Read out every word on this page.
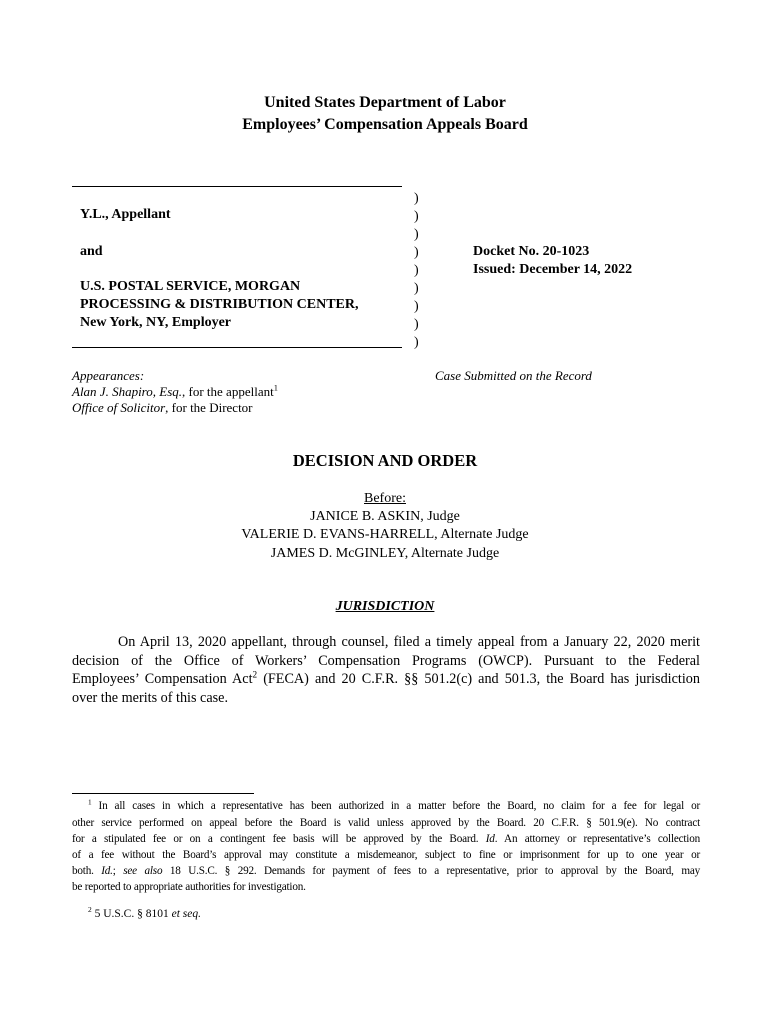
United States Department of Labor
Employees’ Compensation Appeals Board
)
)
)
)
)
)
)
)
)
Y.L., Appellant
and
U.S. POSTAL SERVICE, MORGAN
PROCESSING & DISTRIBUTION CENTER,
New York, NY, Employer
Docket No. 20-1023
Issued: December 14, 2022
Appearances:
Alan J. Shapiro, Esq., for the appellant$^1$
Office of Solicitor, for the Director
Case Submitted on the Record
DECISION AND ORDER
Before:
JANICE B. ASKIN, Judge
VALERIE D. EVANS-HARRELL, Alternate Judge
JAMES D. McGINLEY, Alternate Judge
JURISDICTION
On April 13, 2020 appellant, through counsel, filed a timely appeal from a January 22, 2020 merit
decision of the Office of Workers’ Compensation Programs (OWCP). Pursuant to the Federal
Employees’ Compensation Act$^2$ (FECA) and 20 C.F.R. §§ 501.2(c) and 501.3, the Board has jurisdiction
over the merits of this case.
$^1$ In all cases in which a representative has been authorized in a matter before the Board, no claim for a fee for legal or
other service performed on appeal before the Board is valid unless approved by the Board. 20 C.F.R. § 501.9(e). No contract
for a stipulated fee or on a contingent fee basis will be approved by the Board. Id. An attorney or representative’s collection
of a fee without the Board’s approval may constitute a misdemeanor, subject to fine or imprisonment for up to one year or
both. Id.; see also 18 U.S.C. § 292. Demands for payment of fees to a representative, prior to approval by the Board, may
be reported to appropriate authorities for investigation.
$^2$ 5 U.S.C. § 8101 et seq.
